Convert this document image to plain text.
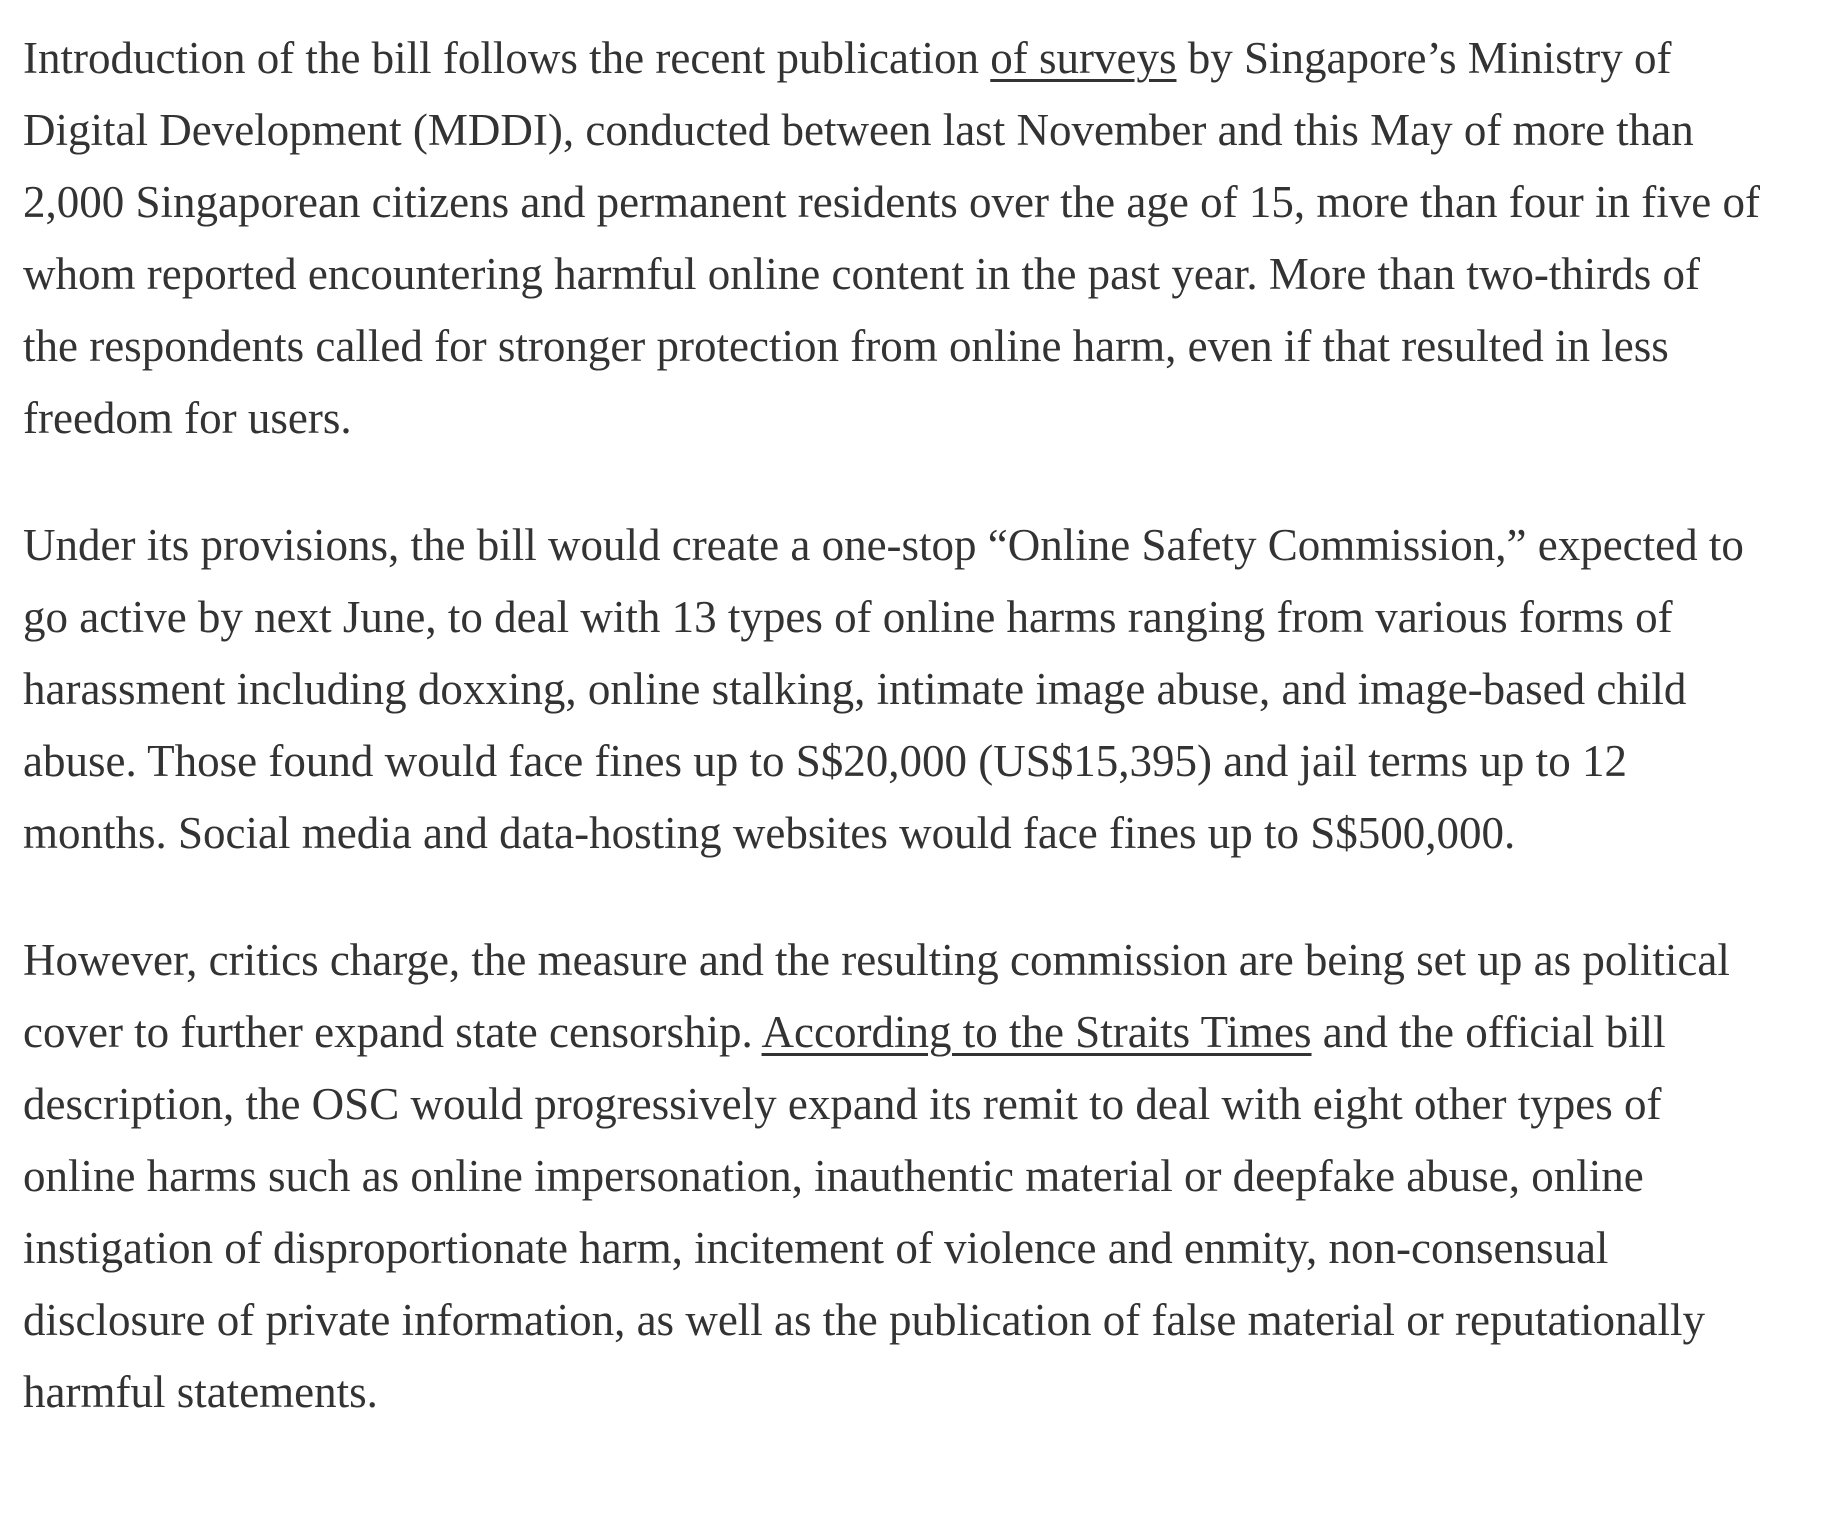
Introduction of the bill follows the recent publication of surveys by Singapore’s Ministry of Digital Development (MDDI), conducted between last November and this May of more than 2,000 Singaporean citizens and permanent residents over the age of 15, more than four in five of whom reported encountering harmful online content in the past year. More than two-thirds of the respondents called for stronger protection from online harm, even if that resulted in less freedom for users.

Under its provisions, the bill would create a one-stop “Online Safety Commission,” expected to go active by next June, to deal with 13 types of online harms ranging from various forms of harassment including doxxing, online stalking, intimate image abuse, and image-based child abuse. Those found would face fines up to S$20,000 (US$15,395) and jail terms up to 12 months. Social media and data-hosting websites would face fines up to S$500,000.

However, critics charge, the measure and the resulting commission are being set up as political cover to further expand state censorship. According to the Straits Times and the official bill description, the OSC would progressively expand its remit to deal with eight other types of online harms such as online impersonation, inauthentic material or deepfake abuse, online instigation of disproportionate harm, incitement of violence and enmity, non-consensual disclosure of private information, as well as the publication of false material or reputationally harmful statements.
